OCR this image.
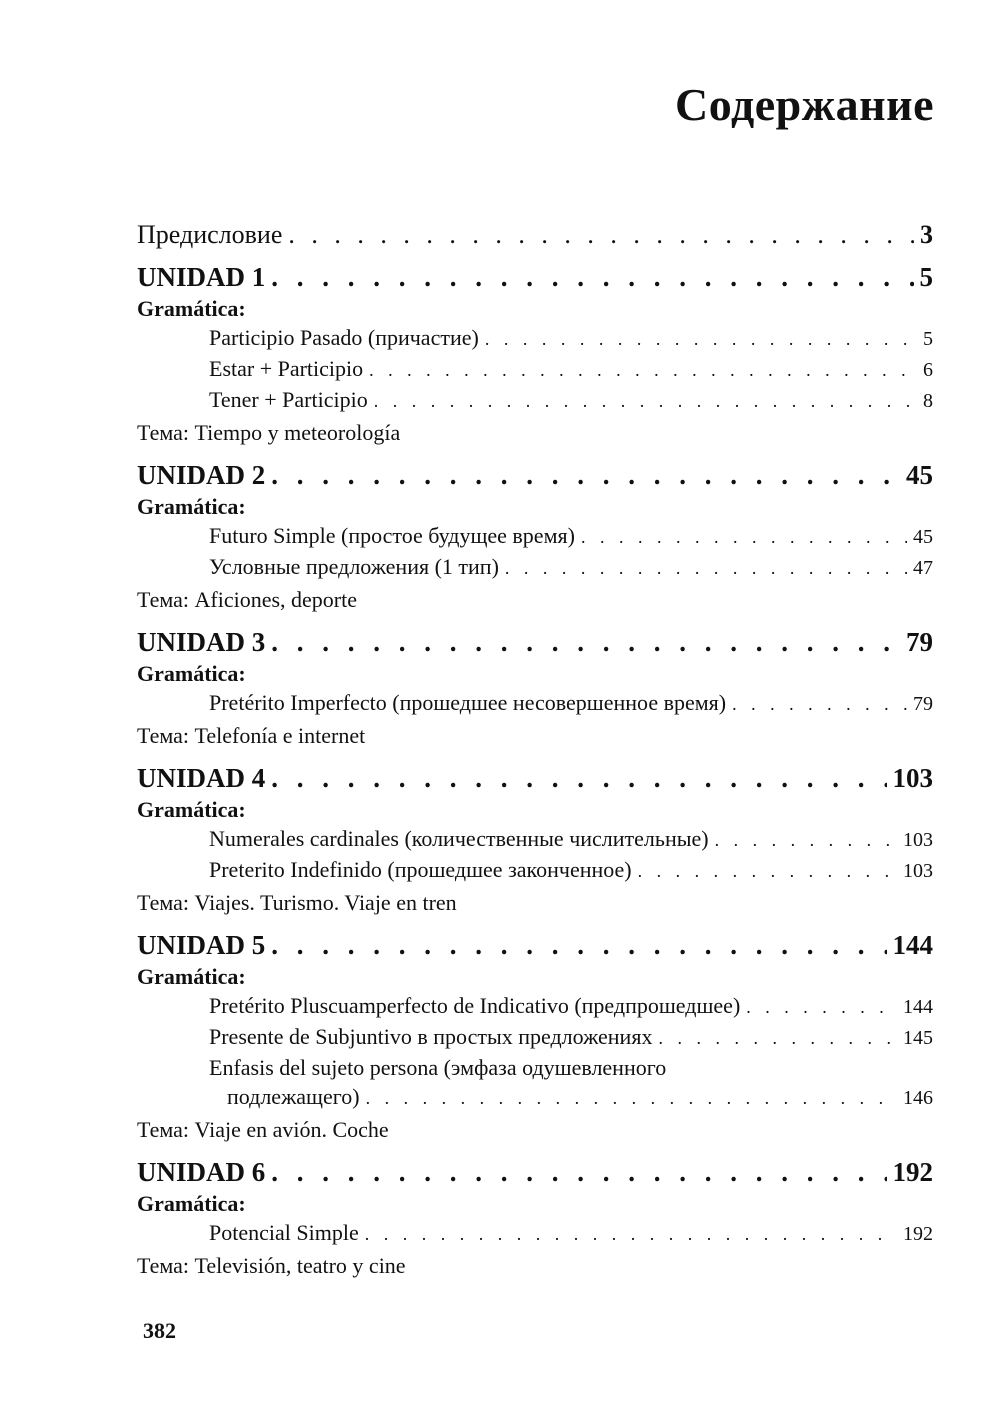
Содержание
Предисловие . . .	3
UNIDAD 1 . . .	5
Gramática:
Participio Pasado (причастие) . . .	5
Estar + Participio . . .	6
Tener + Participio . . .	8
Тема: Tiempo y meteorología
UNIDAD 2 . . .	45
Gramática:
Futuro Simple (простое будущее время) . . .	45
Условные предложения (1 тип) . . .	47
Тема: Aficiones, deporte
UNIDAD 3 . . .	79
Gramática:
Pretérito Imperfecto (прошедшее несовершенное время) . . .	79
Тема: Telefonía e internet
UNIDAD 4 . . .	103
Gramática:
Numerales cardinales (количественные числительные) . . .	103
Preterito Indefinido (прошедшее законченное) . . .	103
Тема: Viajes. Turismo. Viaje en tren
UNIDAD 5 . . .	144
Gramática:
Pretérito Pluscuamperfecto de Indicativo (предпрошедшее) . . .	144
Presente de Subjuntivo в простых предложениях . . .	145
Enfasis del sujeto persona (эмфаза одушевленного
подлежащего) . . .	146
Тема: Viaje en avión. Coche
UNIDAD 6 . . .	192
Gramática:
Potencial Simple . . .	192
Тема: Televisión, teatro y cine
382
